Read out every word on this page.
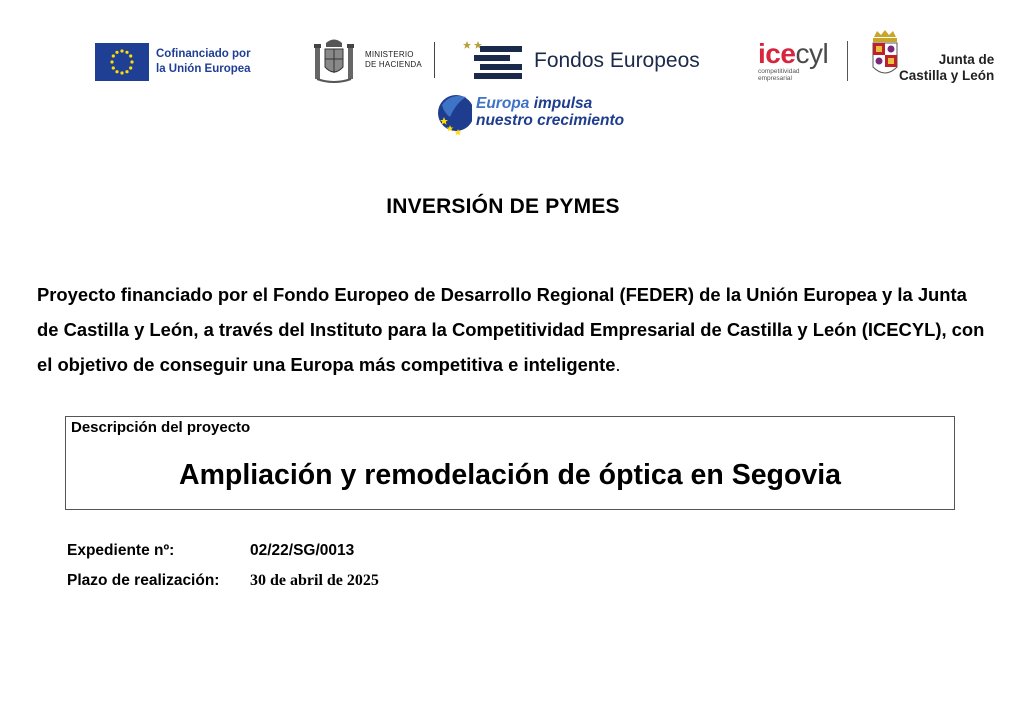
Cofinanciado por
la Unión Europea
MINISTERIO
DE HACIENDA	Fondos Europeos
Europa impulsa
nuestro crecimiento
icecyl
competitividad
empresarial
Junta de
Castilla y León
INVERSIÓN DE PYMES
Proyecto financiado por el Fondo Europeo de Desarrollo Regional (FEDER) de la Unión Europea y la Junta de Castilla y León, a través del Instituto para la Competitividad Empresarial de Castilla y León (ICECYL), con el objetivo de conseguir una Europa más competitiva e inteligente.
Descripción del proyecto
Ampliación y remodelación de óptica en Segovia
Expediente nº:	02/22/SG/0013
Plazo de realización: 30 de abril de 2025
